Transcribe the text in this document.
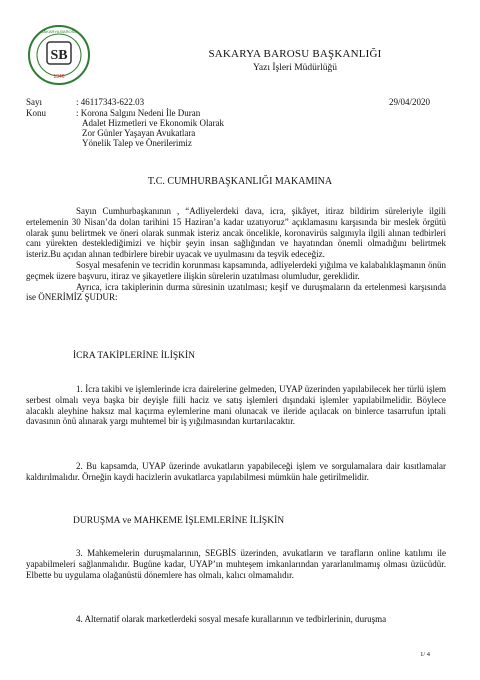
SB
1946
SAKARYA BAROSU
SAKARYA BAROSU BAŞKANLIĞI
Yazı İşleri Müdürlüğü
Sayı	: 46117343-622.03	29/04/2020
Konu	: Korona Salgını Nedeni İle Duran
Adalet Hizmetleri ve Ekonomik Olarak
Zor Günler Yaşayan Avukatlara
Yönelik Talep ve Önerilerimiz
T.C. CUMHURBAŞKANLIĞI MAKAMINA

Sayın Cumhurbaşkanının , “Adliyelerdeki dava, icra, şikâyet, itiraz bildirim süreleriyle ilgili ertelemenin 30 Nisan’da dolan tarihini 15 Haziran’a kadar uzatıyoruz” açıklamasını karşısında bir meslek örgütü olarak şunu belirtmek ve öneri olarak sunmak isteriz ancak öncelikle, koronavirüs salgınıyla ilgili alınan tedbirleri canı yürekten desteklediğimizi ve hiçbir şeyin insan sağlığından ve hayatından önemli olmadığını belirtmek isteriz.Bu açıdan alınan tedbirlere birebir uyacak ve uyulmasını da teşvik edeceğiz.

Sosyal mesafenin ve tecridin korunması kapsamında, adliyelerdeki yığılma ve kalabalıklaşmanın önün geçmek üzere başvuru, itiraz ve şikayetlere ilişkin sürelerin uzatılması olumludur, gereklidir.

Ayrıca, icra takiplerinin durma süresinin uzatılması; keşif ve duruşmaların da ertelenmesi karşısında ise ÖNERİMİZ ŞUDUR:

İCRA TAKİPLERİNE İLİŞKİN

1. İcra takibi ve işlemlerinde icra dairelerine gelmeden, UYAP üzerinden yapılabilecek her türlü işlem serbest olmalı veya başka bir deyişle fiili haciz ve satış işlemleri dışındaki işlemler yapılabilmelidir. Böylece alacaklı aleyhine haksız mal kaçırma eylemlerine mani olunacak ve ileride açılacak on binlerce tasarrufun iptali davasının önü alınarak yargı muhtemel bir iş yığılmasından kurtarılacaktır.

2. Bu kapsamda, UYAP üzerinde avukatların yapabileceği işlem ve sorgulamalara dair kısıtlamalar kaldırılmalıdır. Örneğin kaydi hacizlerin avukatlarca yapılabilmesi mümkün hale getirilmelidir.

DURUŞMA ve MAHKEME İŞLEMLERİNE İLİŞKİN

3. Mahkemelerin duruşmalarının, SEGBİS üzerinden, avukatların ve tarafların online katılımı ile yapabilmeleri sağlanmalıdır. Bugüne kadar, UYAP’ın muhteşem imkanlarından yararlanılmamış olması üzücüdür. Elbette bu uygulama olağanüstü dönemlere has olmalı, kalıcı olmamalıdır.

4. Alternatif olarak marketlerdeki sosyal mesafe kurallarının ve tedbirlerinin, duruşma

1/ 4
